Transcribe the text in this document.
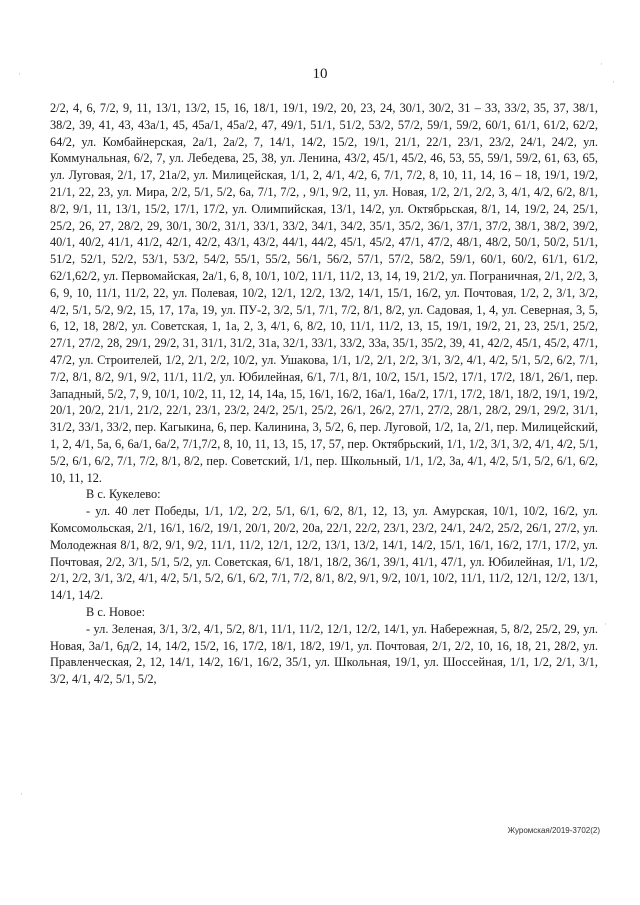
10

2/2, 4, 6, 7/2, 9, 11, 13/1, 13/2, 15, 16, 18/1, 19/1, 19/2, 20, 23, 24, 30/1, 30/2, 31 – 33, 33/2, 35, 37, 38/1, 38/2, 39, 41, 43, 43а/1, 45, 45а/1, 45а/2, 47, 49/1, 51/1, 51/2, 53/2, 57/2, 59/1, 59/2, 60/1, 61/1, 61/2, 62/2, 64/2, ул. Комбайнерская, 2а/1, 2а/2, 7, 14/1, 14/2, 15/2, 19/1, 21/1, 22/1, 23/1, 23/2, 24/1, 24/2, ул. Коммунальная, 6/2, 7, ул. Лебедева, 25, 38, ул. Ленина, 43/2, 45/1, 45/2, 46, 53, 55, 59/1, 59/2, 61, 63, 65, ул. Луговая, 2/1, 17, 21а/2, ул. Милицейская, 1/1, 2, 4/1, 4/2, 6, 7/1, 7/2, 8, 10, 11, 14, 16 – 18, 19/1, 19/2, 21/1, 22, 23, ул. Мира, 2/2, 5/1, 5/2, 6а, 7/1, 7/2, , 9/1, 9/2, 11, ул. Новая, 1/2, 2/1, 2/2, 3, 4/1, 4/2, 6/2, 8/1, 8/2, 9/1, 11, 13/1, 15/2, 17/1, 17/2, ул. Олимпийская, 13/1, 14/2, ул. Октябрьская, 8/1, 14, 19/2, 24, 25/1, 25/2, 26, 27, 28/2, 29, 30/1, 30/2, 31/1, 33/1, 33/2, 34/1, 34/2, 35/1, 35/2, 36/1, 37/1, 37/2, 38/1, 38/2, 39/2, 40/1, 40/2, 41/1, 41/2, 42/1, 42/2, 43/1, 43/2, 44/1, 44/2, 45/1, 45/2, 47/1, 47/2, 48/1, 48/2, 50/1, 50/2, 51/1, 51/2, 52/1, 52/2, 53/1, 53/2, 54/2, 55/1, 55/2, 56/1, 56/2, 57/1, 57/2, 58/2, 59/1, 60/1, 60/2, 61/1, 61/2, 62/1,62/2, ул. Первомайская, 2а/1, 6, 8, 10/1, 10/2, 11/1, 11/2, 13, 14, 19, 21/2, ул. Пограничная, 2/1, 2/2, 3, 6, 9, 10, 11/1, 11/2, 22, ул. Полевая, 10/2, 12/1, 12/2, 13/2, 14/1, 15/1, 16/2, ул. Почтовая, 1/2, 2, 3/1, 3/2, 4/2, 5/1, 5/2, 9/2, 15, 17, 17а, 19, ул. ПУ-2, 3/2, 5/1, 7/1, 7/2, 8/1, 8/2, ул. Садовая, 1, 4, ул. Северная, 3, 5, 6, 12, 18, 28/2, ул. Советская, 1, 1а, 2, 3, 4/1, 6, 8/2, 10, 11/1, 11/2, 13, 15, 19/1, 19/2, 21, 23, 25/1, 25/2, 27/1, 27/2, 28, 29/1, 29/2, 31, 31/1, 31/2, 31а, 32/1, 33/1, 33/2, 33а, 35/1, 35/2, 39, 41, 42/2, 45/1, 45/2, 47/1, 47/2, ул. Строителей, 1/2, 2/1, 2/2, 10/2, ул. Ушакова, 1/1, 1/2, 2/1, 2/2, 3/1, 3/2, 4/1, 4/2, 5/1, 5/2, 6/2, 7/1, 7/2, 8/1, 8/2, 9/1, 9/2, 11/1, 11/2, ул. Юбилейная, 6/1, 7/1, 8/1, 10/2, 15/1, 15/2, 17/1, 17/2, 18/1, 26/1, пер. Западный, 5/2, 7, 9, 10/1, 10/2, 11, 12, 14, 14а, 15, 16/1, 16/2, 16а/1, 16а/2, 17/1, 17/2, 18/1, 18/2, 19/1, 19/2, 20/1, 20/2, 21/1, 21/2, 22/1, 23/1, 23/2, 24/2, 25/1, 25/2, 26/1, 26/2, 27/1, 27/2, 28/1, 28/2, 29/1, 29/2, 31/1, 31/2, 33/1, 33/2, пер. Кагыкина, 6, пер. Калинина, 3, 5/2, 6, пер. Луговой, 1/2, 1а, 2/1, пер. Милицейский, 1, 2, 4/1, 5а, 6, 6а/1, 6а/2, 7/1,7/2, 8, 10, 11, 13, 15, 17, 57, пер. Октябрьский, 1/1, 1/2, 3/1, 3/2, 4/1, 4/2, 5/1, 5/2, 6/1, 6/2, 7/1, 7/2, 8/1, 8/2, пер. Советский, 1/1, пер. Школьный, 1/1, 1/2, 3а, 4/1, 4/2, 5/1, 5/2, 6/1, 6/2, 10, 11, 12.

В с. Кукелево:

- ул. 40 лет Победы, 1/1, 1/2, 2/2, 5/1, 6/1, 6/2, 8/1, 12, 13, ул. Амурская, 10/1, 10/2, 16/2, ул. Комсомольская, 2/1, 16/1, 16/2, 19/1, 20/1, 20/2, 20а, 22/1, 22/2, 23/1, 23/2, 24/1, 24/2, 25/2, 26/1, 27/2, ул. Молодежная 8/1, 8/2, 9/1, 9/2, 11/1, 11/2, 12/1, 12/2, 13/1, 13/2, 14/1, 14/2, 15/1, 16/1, 16/2, 17/1, 17/2, ул. Почтовая, 2/2, 3/1, 5/1, 5/2, ул. Советская, 6/1, 18/1, 18/2, 36/1, 39/1, 41/1, 47/1, ул. Юбилейная, 1/1, 1/2, 2/1, 2/2, 3/1, 3/2, 4/1, 4/2, 5/1, 5/2, 6/1, 6/2, 7/1, 7/2, 8/1, 8/2, 9/1, 9/2, 10/1, 10/2, 11/1, 11/2, 12/1, 12/2, 13/1, 14/1, 14/2.

В с. Новое:

- ул. Зеленая, 3/1, 3/2, 4/1, 5/2, 8/1, 11/1, 11/2, 12/1, 12/2, 14/1, ул. Набережная, 5, 8/2, 25/2, 29, ул. Новая, 3а/1, 6д/2, 14, 14/2, 15/2, 16, 17/2, 18/1, 18/2, 19/1, ул. Почтовая, 2/1, 2/2, 10, 16, 18, 21, 28/2, ул. Правленческая, 2, 12, 14/1, 14/2, 16/1, 16/2, 35/1, ул. Школьная, 19/1, ул. Шоссейная, 1/1, 1/2, 2/1, 3/1, 3/2, 4/1, 4/2, 5/1, 5/2,

Журомская/2019-3702(2)
·
·
·
·
·
